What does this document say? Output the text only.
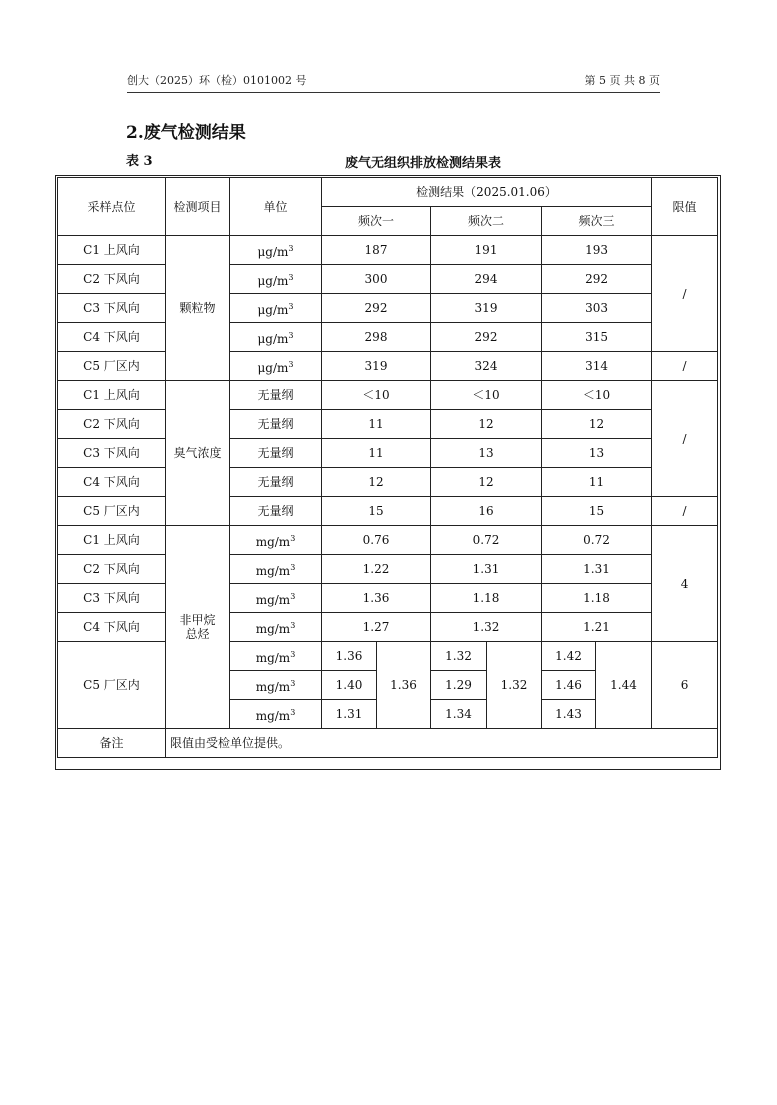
创大（2025）环（检）0101002 号	第 5 页 共 8 页
2.废气检测结果
表 3	废气无组织排放检测结果表
采样点位	检测项目	单位	检测结果（2025.01.06）						限值
			频次一		频次二		频次三		
C1 上风向	颗粒物	$\mu g/m^3$	187		191		193		/
C2 下风向		$\mu g/m^3$	300		294		292		
C3 下风向		$\mu g/m^3$	292		319		303		
C4 下风向		$\mu g/m^3$	298		292		315		
C5 厂区内		$\mu g/m^3$	319		324		314		/
C1 上风向	臭气浓度	无量纲	＜10		＜10		＜10		/
C2 下风向		无量纲	11		12		12		
C3 下风向		无量纲	11		13		13		
C4 下风向		无量纲	12		12		11		
C5 厂区内		无量纲	15		16		15		/
C1 上风向	非甲烷
总烃	$mg/m^3$	0.76		0.72		0.72		4
C2 下风向		$mg/m^3$	1.22		1.31		1.31		
C3 下风向		$mg/m^3$	1.36		1.18		1.18		
C4 下风向		$mg/m^3$	1.27		1.32		1.21		
C5 厂区内		$mg/m^3$	1.36	1.36	1.32	1.32	1.42	1.44	6
		$mg/m^3$	1.40		1.29		1.46		
		$mg/m^3$	1.31		1.34		1.43		
备注	限值由受检单位提供。								
